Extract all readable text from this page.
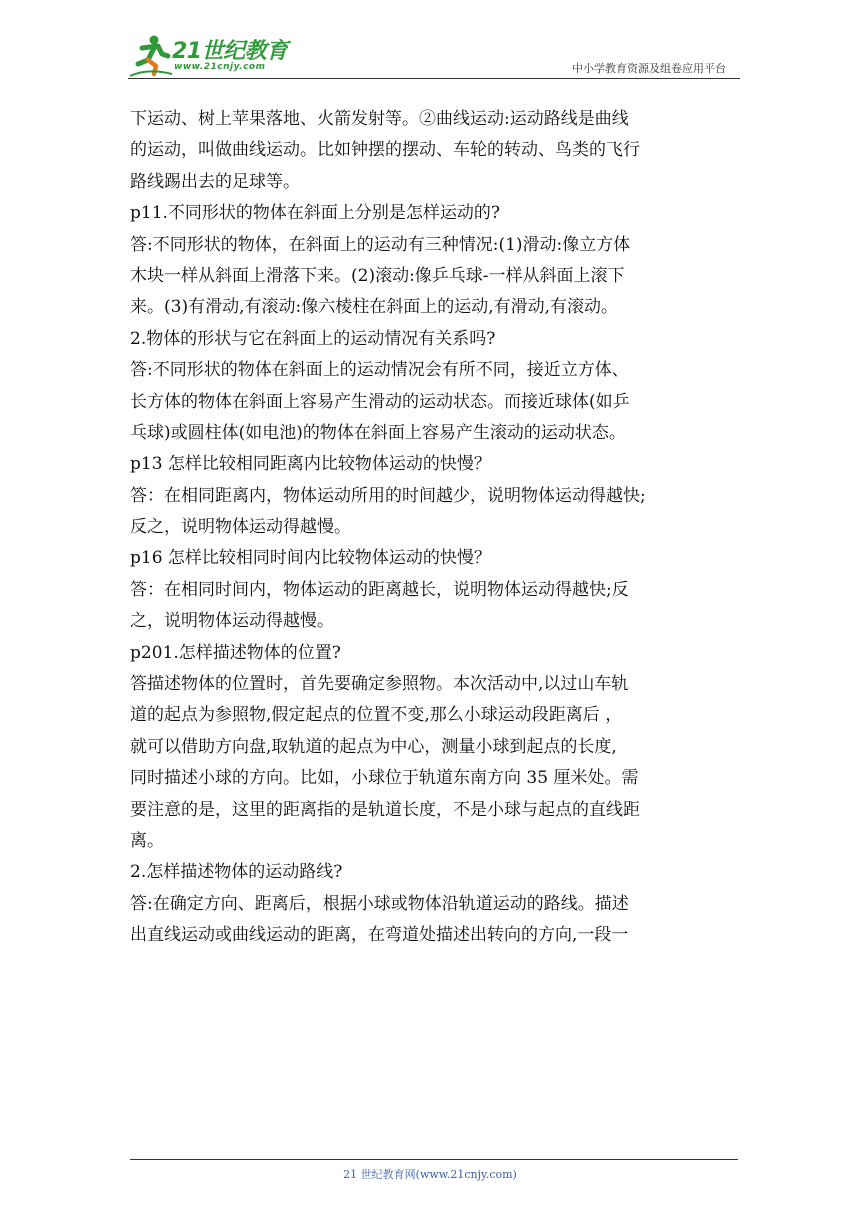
21世纪教育
www.21cnjy.com	中小学教育资源及组卷应用平台
下运动、树上苹果落地、火箭发射等。②曲线运动:运动路线是曲线
的运动，叫做曲线运动。比如钟摆的摆动、车轮的转动、鸟类的飞行
路线踢出去的足球等。
p11.不同形状的物体在斜面上分别是怎样运动的?
答:不同形状的物体，在斜面上的运动有三种情况:(1)滑动:像立方体
木块一样从斜面上滑落下来。(2)滚动:像乒乓球-一样从斜面上滚下
来。(3)有滑动,有滚动:像六棱柱在斜面上的运动,有滑动,有滚动。
2.物体的形状与它在斜面上的运动情况有关系吗?
答:不同形状的物体在斜面上的运动情况会有所不同，接近立方体、
长方体的物体在斜面上容易产生滑动的运动状态。而接近球体(如乒
乓球)或圆柱体(如电池)的物体在斜面上容易产生滚动的运动状态。
p13 怎样比较相同距离内比较物体运动的快慢？
答：在相同距离内，物体运动所用的时间越少，说明物体运动得越快;
反之，说明物体运动得越慢。
p16 怎样比较相同时间内比较物体运动的快慢？
答：在相同时间内，物体运动的距离越长，说明物体运动得越快;反
之，说明物体运动得越慢。
p201.怎样描述物体的位置?
答描述物体的位置时，首先要确定参照物。本次活动中,以过山车轨
道的起点为参照物,假定起点的位置不变,那么小球运动段距离后 ，
就可以借助方向盘,取轨道的起点为中心，测量小球到起点的长度,
同时描述小球的方向。比如，小球位于轨道东南方向 35 厘米处。需
要注意的是，这里的距离指的是轨道长度，不是小球与起点的直线距
离。
2.怎样描述物体的运动路线?
答:在确定方向、距离后，根据小球或物体沿轨道运动的路线。描述
出直线运动或曲线运动的距离，在弯道处描述出转向的方向,一段一
21 世纪教育网(www.21cnjy.com)
